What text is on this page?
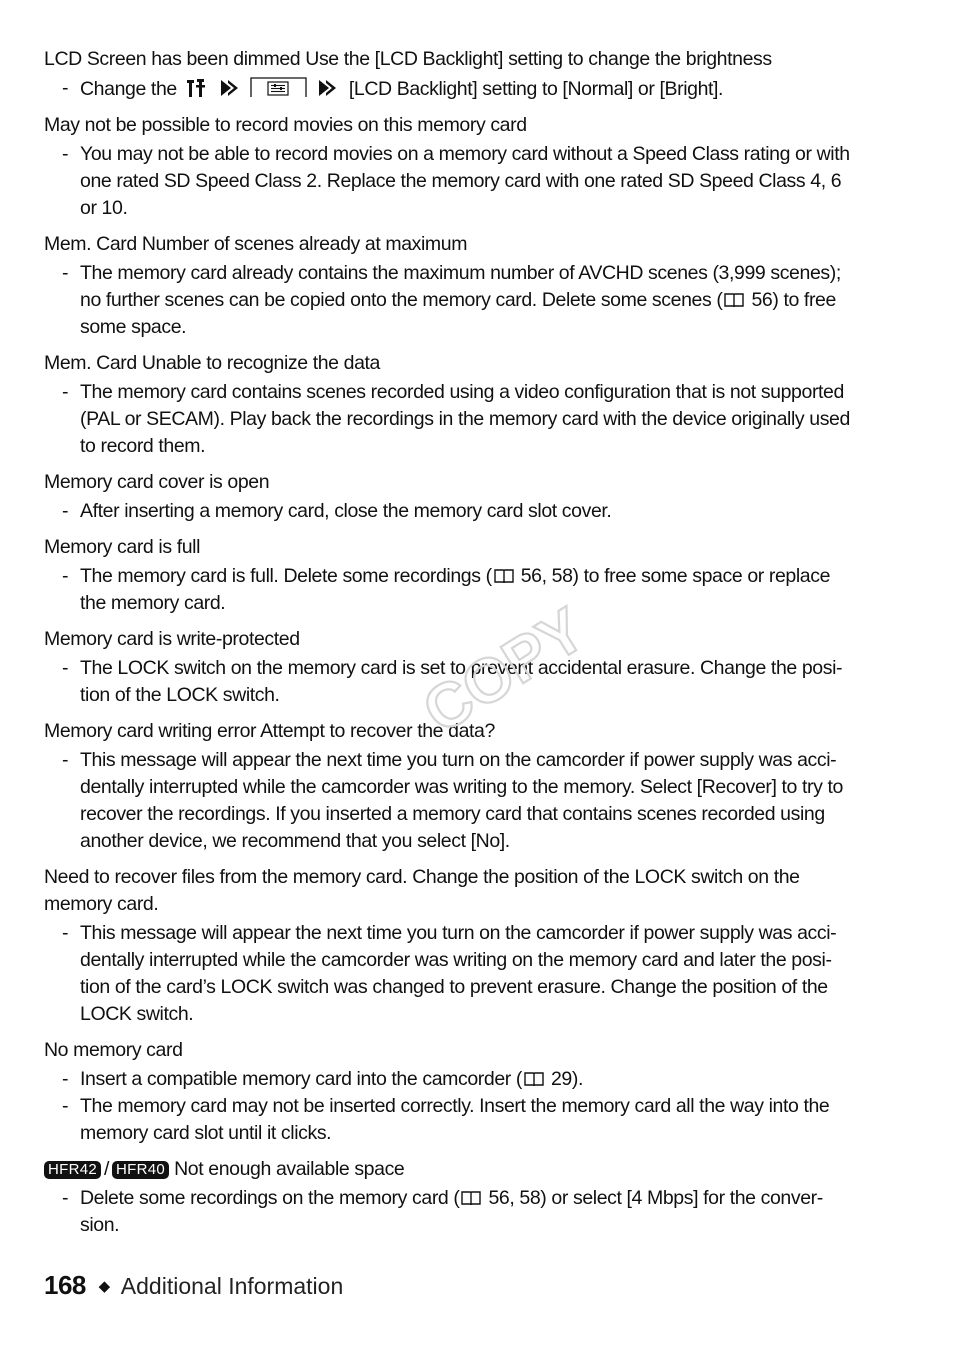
LCD Screen has been dimmed Use the [LCD Backlight] setting to change the brightness
- Change the	[LCD Backlight] setting to [Normal] or [Bright].
May not be possible to record movies on this memory card
- You may not be able to record movies on a memory card without a Speed Class rating or with one rated SD Speed Class 2. Replace the memory card with one rated SD Speed Class 4, 6 or 10.
Mem. Card Number of scenes already at maximum
- The memory card already contains the maximum number of AVCHD scenes (3,999 scenes); no further scenes can be copied onto the memory card. Delete some scenes ( 56) to free some space.
Mem. Card Unable to recognize the data
- The memory card contains scenes recorded using a video configuration that is not supported (PAL or SECAM). Play back the recordings in the memory card with the device originally used to record them.
Memory card cover is open
- After inserting a memory card, close the memory card slot cover.
Memory card is full
- The memory card is full. Delete some recordings ( 56, 58) to free some space or replace the memory card.
Memory card is write-protected
- The LOCK switch on the memory card is set to prevent accidental erasure. Change the posi-tion of the LOCK switch.
Memory card writing error Attempt to recover the data?
- This message will appear the next time you turn on the camcorder if power supply was acci-dentally interrupted while the camcorder was writing to the memory. Select [Recover] to try to recover the recordings. If you inserted a memory card that contains scenes recorded using another device, we recommend that you select [No].
Need to recover files from the memory card. Change the position of the LOCK switch on the memory card.
- This message will appear the next time you turn on the camcorder if power supply was acci-dentally interrupted while the camcorder was writing on the memory card and later the posi-tion of the card’s LOCK switch was changed to prevent erasure. Change the position of the LOCK switch.
No memory card
- Insert a compatible memory card into the camcorder ( 29).
- The memory card may not be inserted correctly. Insert the memory card all the way into the memory card slot until it clicks.
HFR42 / HFR40 Not enough available space
- Delete some recordings on the memory card ( 56, 58) or select [4 Mbps] for the conver-sion.
168 ◆ Additional Information
COPY
